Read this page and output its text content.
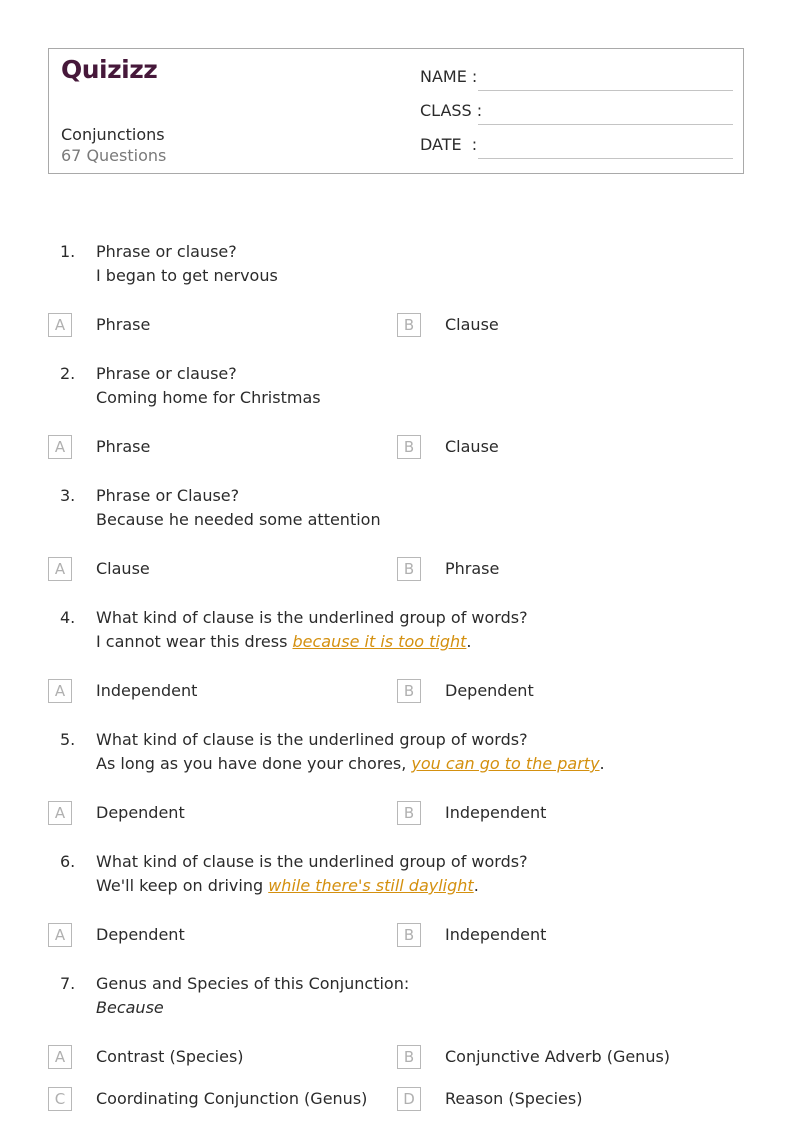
Quizizz
Conjunctions
67 Questions
NAME :
CLASS :
DATE  :
1. Phrase or clause?
I began to get nervous
A	Phrase	B	Clause
2. Phrase or clause?
Coming home for Christmas
A	Phrase	B	Clause
3. Phrase or Clause?
Because he needed some attention
A	Clause	B	Phrase
4. What kind of clause is the underlined group of words?
I cannot wear this dress because it is too tight.
A	Independent	B	Dependent
5. What kind of clause is the underlined group of words?
As long as you have done your chores, you can go to the party.
A	Dependent	B	Independent
6. What kind of clause is the underlined group of words?
We'll keep on driving while there's still daylight.
A	Dependent	B	Independent
7. Genus and Species of this Conjunction:
Because
A	Contrast (Species)	B	Conjunctive Adverb (Genus)
C	Coordinating Conjunction (Genus)	D	Reason (Species)
